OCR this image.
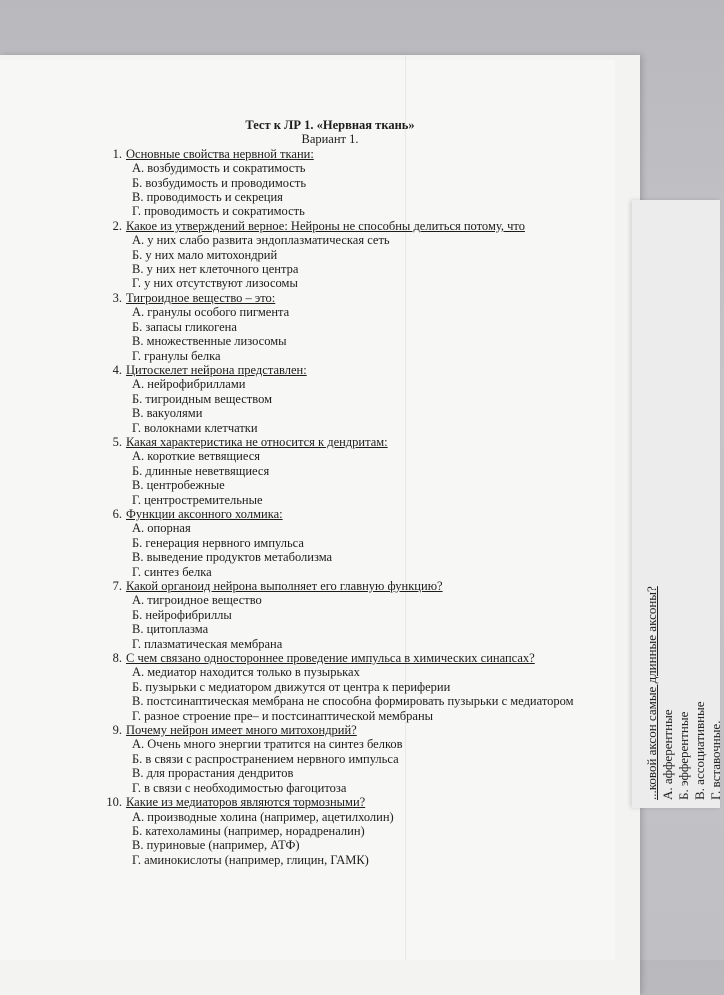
...ковой аксон самые длинные аксоны? А. афферентные Б. эфферентные В. ассоциативные Г. вставочные.
Тест к ЛР 1. «Нервная ткань»
Вариант 1.
1. Основные свойства нервной ткани:
А. возбудимость и сократимость
Б. возбудимость и проводимость
В. проводимость и секреция
Г. проводимость и сократимость
2. Какое из утверждений верное: Нейроны не способны делиться потому, что
А. у них слабо развита эндоплазматическая сеть
Б. у них мало митохондрий
В. у них нет клеточного центра
Г. у них отсутствуют лизосомы
3. Тигроидное вещество – это:
А. гранулы особого пигмента
Б. запасы гликогена
В. множественные лизосомы
Г. гранулы белка
4. Цитоскелет нейрона представлен:
А. нейрофибриллами
Б. тигроидным веществом
В. вакуолями
Г. волокнами клетчатки
5. Какая характеристика не относится к дендритам:
А. короткие ветвящиеся
Б. длинные неветвящиеся
В. центробежные
Г. центростремительные
6. Функции аксонного холмика:
А. опорная
Б. генерация нервного импульса
В. выведение продуктов метаболизма
Г. синтез белка
7. Какой органоид нейрона выполняет его главную функцию?
А. тигроидное вещество
Б. нейрофибриллы
В. цитоплазма
Г. плазматическая мембрана
8. С чем связано одностороннее проведение импульса в химических синапсах?
А. медиатор находится только в пузырьках
Б. пузырьки с медиатором движутся от центра к периферии
В. постсинаптическая мембрана не способна формировать пузырьки с медиатором
Г. разное строение пре– и постсинаптической мембраны
9. Почему нейрон имеет много митохондрий?
А. Очень много энергии тратится на синтез белков
Б. в связи с распространением нервного импульса
В. для прорастания дендритов
Г. в связи с необходимостью фагоцитоза
10. Какие из медиаторов являются тормозными?
А. производные холина (например, ацетилхолин)
Б. катехоламины (например, норадреналин)
В. пуриновые (например, АТФ)
Г. аминокислоты (например, глицин, ГАМК)
